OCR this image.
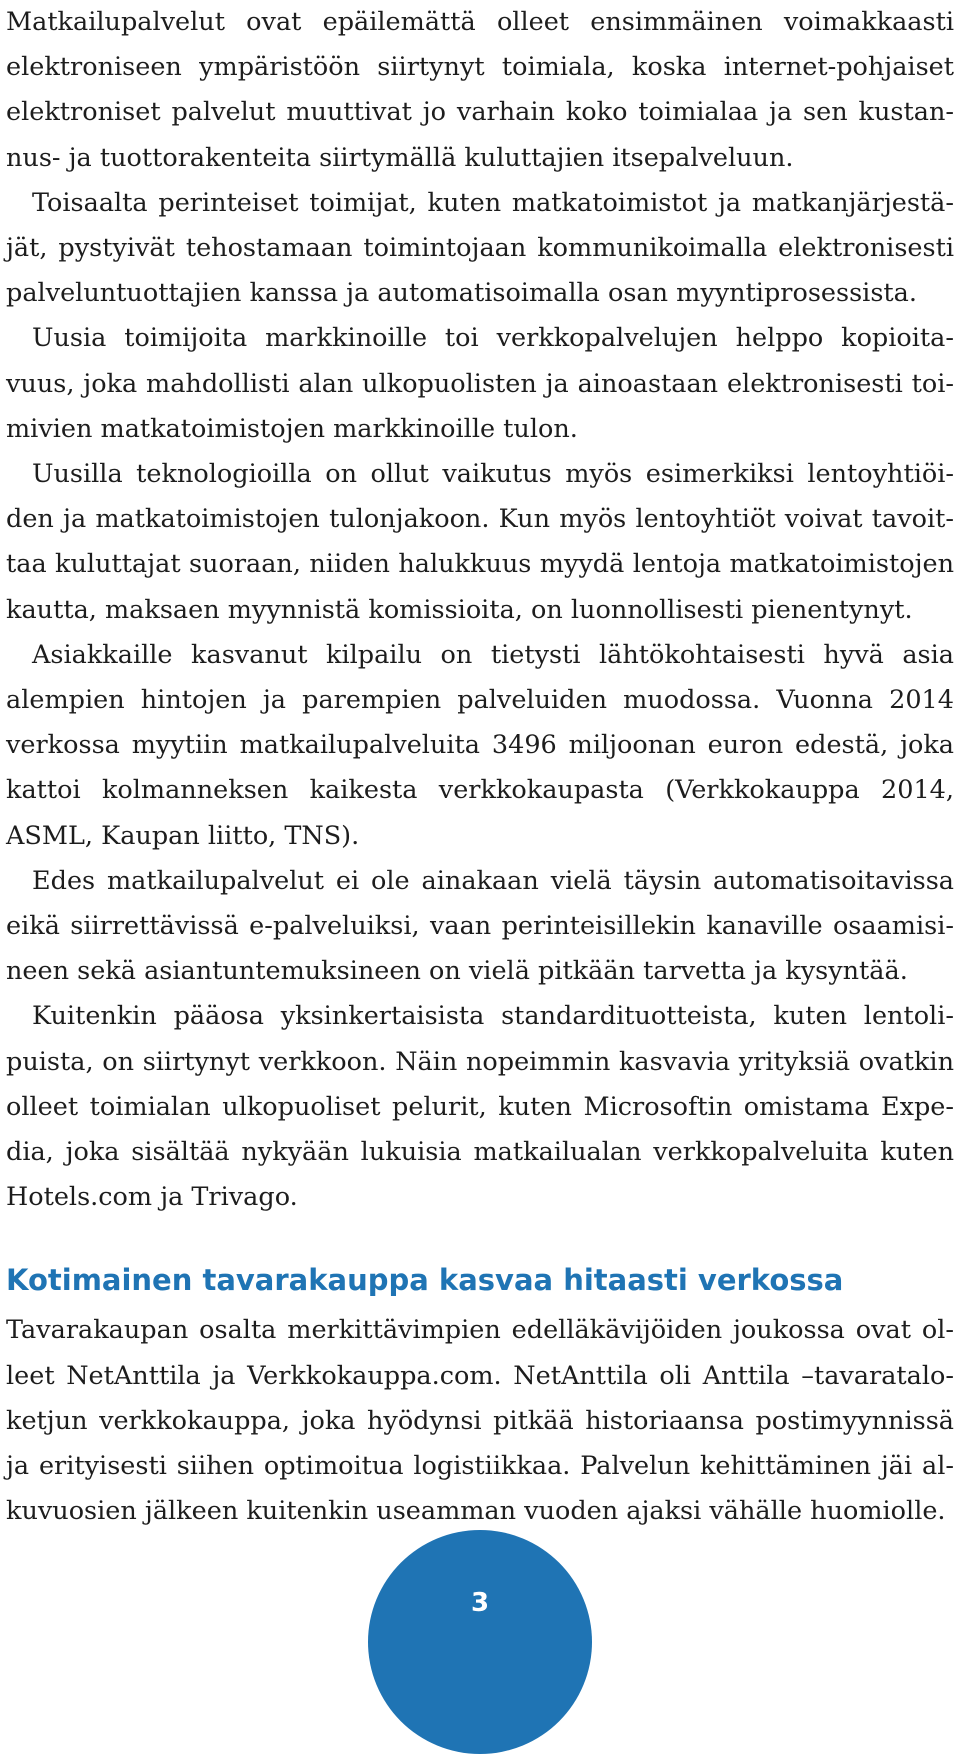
Matkailupalvelut ovat epäilemättä olleet ensimmäinen voimakkaasti elektroniseen ympäristöön siirtynyt toimiala, koska internet-pohjaiset elektroniset palvelut muuttivat jo varhain koko toimialaa ja sen kustannus- ja tuottorakenteita siirtymällä kuluttajien itsepalveluun.

Toisaalta perinteiset toimijat, kuten matkatoimistot ja matkanjärjestäjät, pystyivät tehostamaan toimintojaan kommunikoimalla elektronisesti palveluntuottajien kanssa ja automatisoimalla osan myyntiprosessista.

Uusia toimijoita markkinoille toi verkkopalvelujen helppo kopioitavuus, joka mahdollisti alan ulkopuolisten ja ainoastaan elektronisesti toimivien matkatoimistojen markkinoille tulon.

Uusilla teknologioilla on ollut vaikutus myös esimerkiksi lentoyhtiöiden ja matkatoimistojen tulonjakoon. Kun myös lentoyhtiöt voivat tavoittaa kuluttajat suoraan, niiden halukkuus myydä lentoja matkatoimistojen kautta, maksaen myynnistä komissioita, on luonnollisesti pienentynyt.

Asiakkaille kasvanut kilpailu on tietysti lähtökohtaisesti hyvä asia alempien hintojen ja parempien palveluiden muodossa. Vuonna 2014 verkossa myytiin matkailupalveluita 3496 miljoonan euron edestä, joka kattoi kolmanneksen kaikesta verkkokaupasta (Verkkokauppa 2014, ASML, Kaupan liitto, TNS).

Edes matkailupalvelut ei ole ainakaan vielä täysin automatisoitavissa eikä siirrettävissä e-palveluiksi, vaan perinteisillekin kanaville osaamisineen sekä asiantuntemuksineen on vielä pitkään tarvetta ja kysyntää.

Kuitenkin pääosa yksinkertaisista standardituotteista, kuten lentolipuista, on siirtynyt verkkoon. Näin nopeimmin kasvavia yrityksiä ovatkin olleet toimialan ulkopuoliset pelurit, kuten Microsoftin omistama Expedia, joka sisältää nykyään lukuisia matkailualan verkkopalveluita kuten Hotels.com ja Trivago.

Kotimainen tavarakauppa kasvaa hitaasti verkossa

Tavarakaupan osalta merkittävimpien edelläkävijöiden joukossa ovat olleet NetAnttila ja Verkkokauppa.com. NetAnttila oli Anttila –tavarataloketjun verkkokauppa, joka hyödynsi pitkää historiaansa postimyynnissä ja erityisesti siihen optimoitua logistiikkaa. Palvelun kehittäminen jäi alkuvuosien jälkeen kuitenkin useamman vuoden ajaksi vähälle huomiolle.

3
